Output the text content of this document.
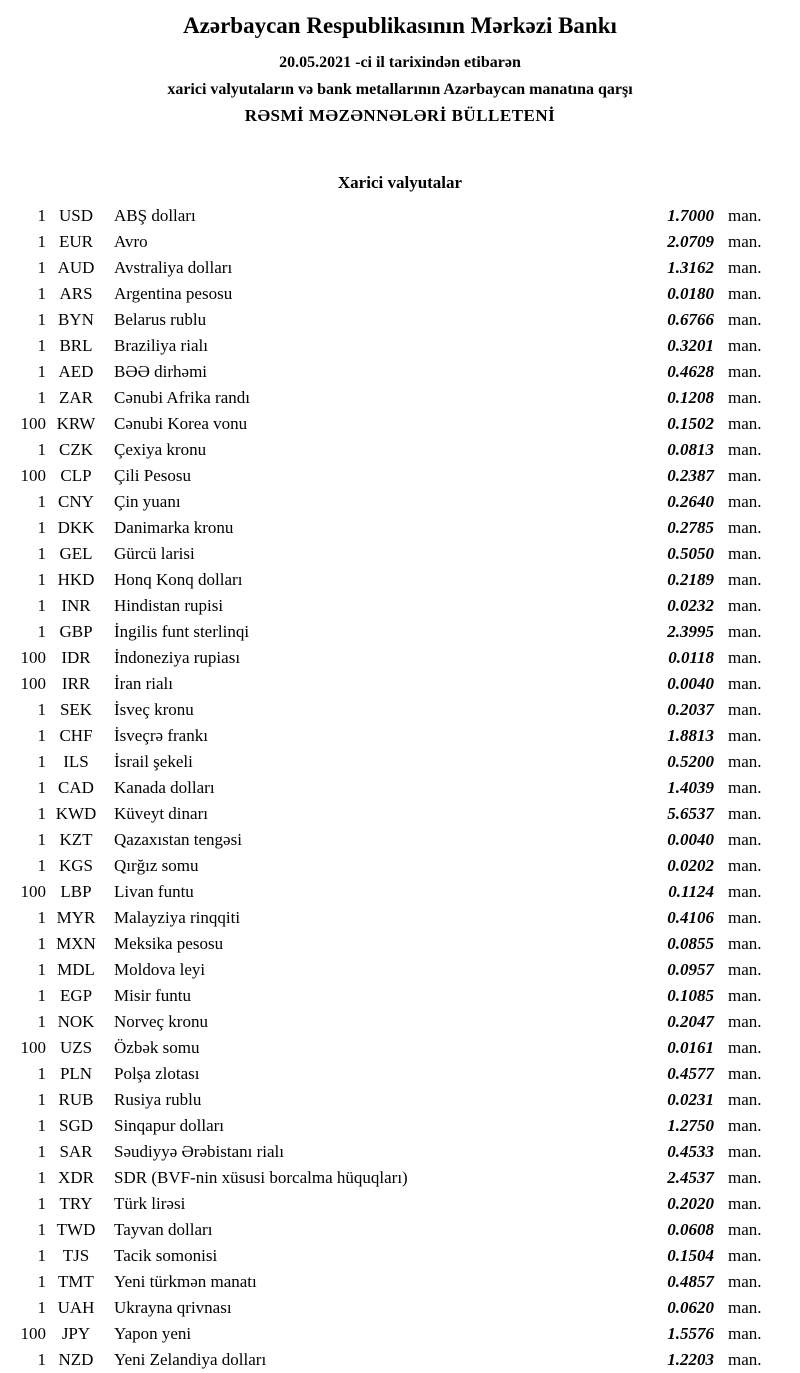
Azərbaycan Respublikasının Mərkəzi Bankı
20.05.2021 -ci il tarixindən etibarən
xarici valyutaların və bank metallarının Azərbaycan manatına qarşı
RƏSMİ MƏZƏNNƏLƏRİ BÜLLETENİ
Xarici valyutalar
1 USD	ABŞ dolları	1.7000 man.
1 EUR	Avro	2.0709 man.
1 AUD	Avstraliya dolları	1.3162 man.
1 ARS	Argentina pesosu	0.0180 man.
1 BYN	Belarus rublu	0.6766 man.
1 BRL	Braziliya rialı	0.3201 man.
1 AED	BƏƏ dirhəmi	0.4628 man.
1 ZAR	Cənubi Afrika randı	0.1208 man.
100 KRW	Cənubi Korea vonu	0.1502 man.
1 CZK	Çexiya kronu	0.0813 man.
100 CLP	Çili Pesosu	0.2387 man.
1 CNY	Çin yuanı	0.2640 man.
1 DKK	Danimarka kronu	0.2785 man.
1 GEL	Gürcü larisi	0.5050 man.
1 HKD	Honq Konq dolları	0.2189 man.
1 INR	Hindistan rupisi	0.0232 man.
1 GBP	İngilis funt sterlinqi	2.3995 man.
100 IDR	İndoneziya rupiası	0.0118 man.
100 IRR	İran rialı	0.0040 man.
1 SEK	İsveç kronu	0.2037 man.
1 CHF	İsveçrə frankı	1.8813 man.
1	ILS	İsrail şekeli	0.5200 man.
1 CAD	Kanada dolları	1.4039 man.
1 KWD	Küveyt dinarı	5.6537 man.
1 KZT	Qazaxıstan tengəsi	0.0040 man.
1 KGS	Qırğız somu	0.0202 man.
100 LBP	Livan funtu	0.1124 man.
1 MYR	Malayziya rinqqiti	0.4106 man.
1 MXN	Meksika pesosu	0.0855 man.
1 MDL	Moldova leyi	0.0957 man.
1 EGP	Misir funtu	0.1085 man.
1 NOK	Norveç kronu	0.2047 man.
100 UZS	Özbək somu	0.0161 man.
1 PLN	Polşa zlotası	0.4577 man.
1 RUB	Rusiya rublu	0.0231 man.
1 SGD	Sinqapur dolları	1.2750 man.
1 SAR	Səudiyyə Ərəbistanı rialı	0.4533 man.
1 XDR	SDR (BVF-nin xüsusi borcalma hüquqları)	2.4537 man.
1 TRY	Türk lirəsi	0.2020 man.
1 TWD	Tayvan dolları	0.0608 man.
1 TJS	Tacik somonisi	0.1504 man.
1 TMT	Yeni türkmən manatı	0.4857 man.
1 UAH	Ukrayna qrivnası	0.0620 man.
100 JPY	Yapon yeni	1.5576 man.
1 NZD	Yeni Zelandiya dolları	1.2203 man.
